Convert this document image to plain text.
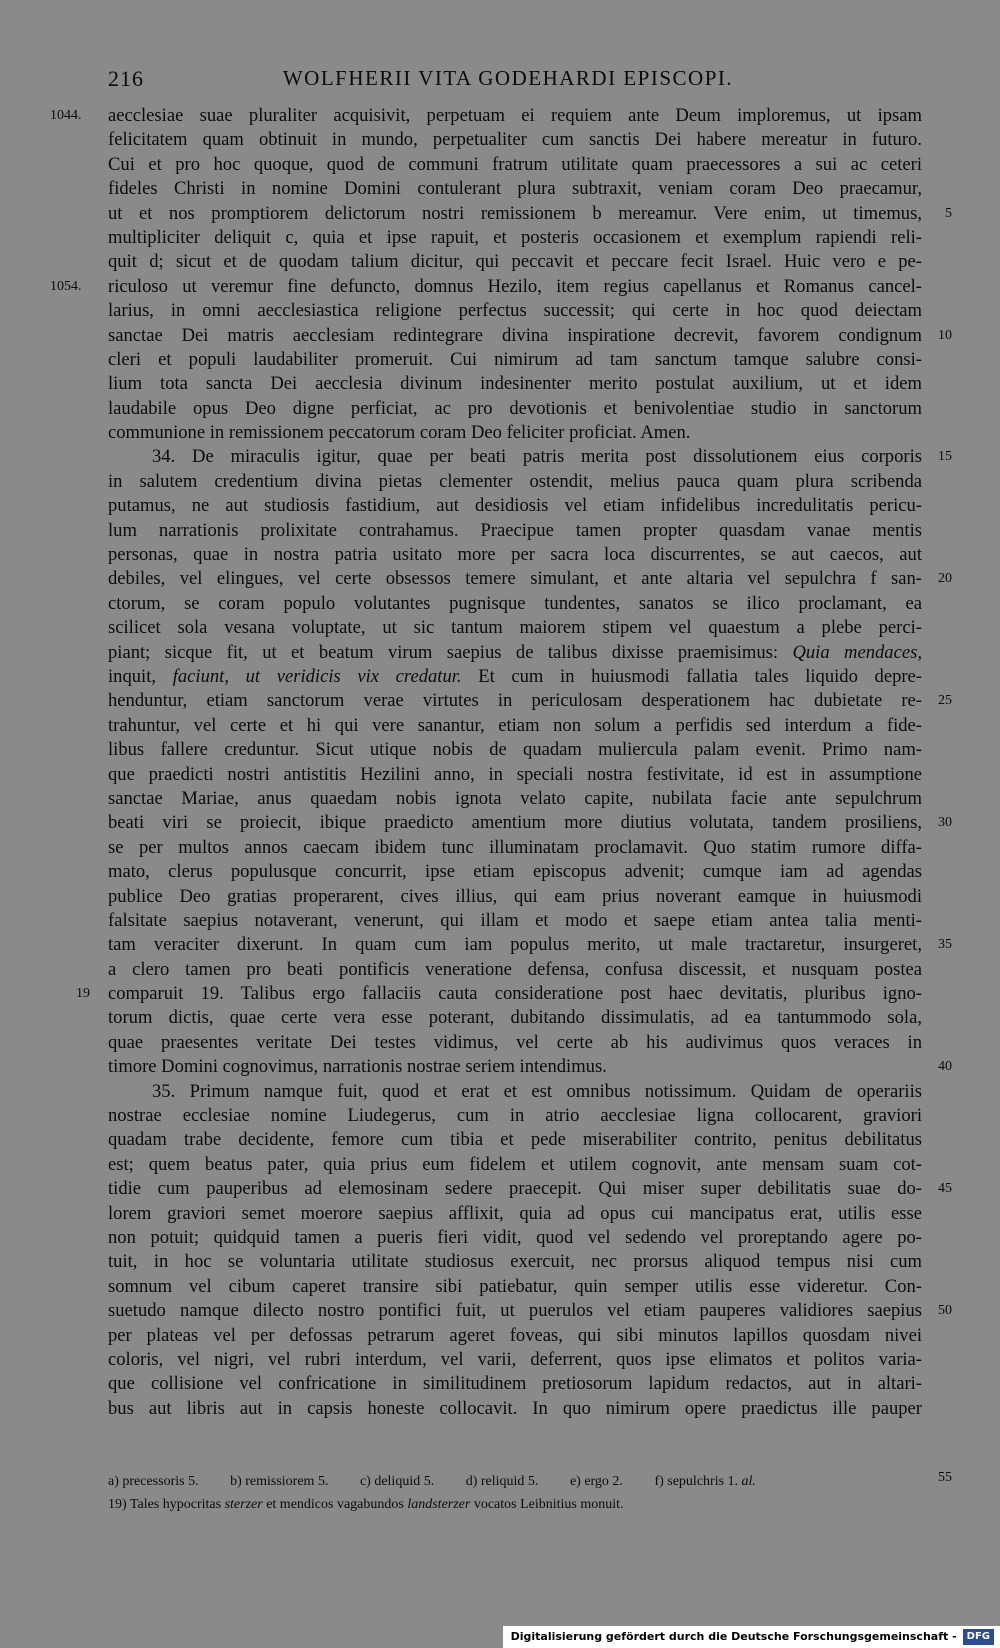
216	WOLFHERII VITA GODEHARDI EPISCOPI.
aecclesiae suae pluraliter acquisivit, perpetuam ei requiem ante Deum imploremus, ut ipsam
1044.
felicitatem quam obtinuit in mundo, perpetualiter cum sanctis Dei habere mereatur in futuro.
Cui et pro hoc quoque, quod de communi fratrum utilitate quam praecessores a sui ac ceteri
fideles Christi in nomine Domini contulerant plura subtraxit, veniam coram Deo praecamur,
ut et nos promptiorem delictorum nostri remissionem b mereamur. Vere enim, ut timemus, 5
multipliciter deliquit c, quia et ipse rapuit, et posteris occasionem et exemplum rapiendi reli-
quit d; sicut et de quodam talium dicitur, qui peccavit et peccare fecit Israel. Huic vero e pe-
riculoso ut veremur fine defuncto, domnus Hezilo, item regius capellanus et Romanus cancel-
1054.
larius, in omni aecclesiastica religione perfectus successit; qui certe in hoc quod deiectam
sanctae Dei matris aecclesiam redintegrare divina inspiratione decrevit, favorem condignum 10
cleri et populi laudabiliter promeruit. Cui nimirum ad tam sanctum tamque salubre consi-
lium tota sancta Dei aecclesia divinum indesinenter merito postulat auxilium, ut et idem
laudabile opus Deo digne perficiat, ac pro devotionis et benivolentiae studio in sanctorum
communione in remissionem peccatorum coram Deo feliciter proficiat. Amen.
34. De miraculis igitur, quae per beati patris merita post dissolutionem eius corporis 15
in salutem credentium divina pietas clementer ostendit, melius pauca quam plura scribenda
putamus, ne aut studiosis fastidium, aut desidiosis vel etiam infidelibus incredulitatis pericu-
lum narrationis prolixitate contrahamus. Praecipue tamen propter quasdam vanae mentis
personas, quae in nostra patria usitato more per sacra loca discurrentes, se aut caecos, aut
debiles, vel elingues, vel certe obsessos temere simulant, et ante altaria vel sepulchra f san- 20
ctorum, se coram populo volutantes pugnisque tundentes, sanatos se ilico proclamant, ea
scilicet sola vesana voluptate, ut sic tantum maiorem stipem vel quaestum a plebe perci-
piant; sicque fit, ut et beatum virum saepius de talibus dixisse praemisimus: Quia mendaces,
inquit, faciunt, ut veridicis vix credatur. Et cum in huiusmodi fallatia tales liquido depre-
henduntur, etiam sanctorum verae virtutes in periculosam desperationem hac dubietate re- 25
trahuntur, vel certe et hi qui vere sanantur, etiam non solum a perfidis sed interdum a fide-
libus fallere creduntur. Sicut utique nobis de quadam muliercula palam evenit. Primo nam-
que praedicti nostri antistitis Hezilini anno, in speciali nostra festivitate, id est in assumptione
sanctae Mariae, anus quaedam nobis ignota velato capite, nubilata facie ante sepulchrum
beati viri se proiecit, ibique praedicto amentium more diutius volutata, tandem prosiliens, 30
se per multos annos caecam ibidem tunc illuminatam proclamavit. Quo statim rumore diffa-
mato, clerus populusque concurrit, ipse etiam episcopus advenit; cumque iam ad agendas
publice Deo gratias properarent, cives illius, qui eam prius noverant eamque in huiusmodi
falsitate saepius notaverant, venerunt, qui illam et modo et saepe etiam antea talia menti-
tam veraciter dixerunt. In quam cum iam populus merito, ut male tractaretur, insurgeret, 35
a clero tamen pro beati pontificis veneratione defensa, confusa discessit, et nusquam postea
comparuit 19. Talibus ergo fallaciis cauta consideratione post haec devitatis, pluribus igno-
19
torum dictis, quae certe vera esse poterant, dubitando dissimulatis, ad ea tantummodo sola,
quae praesentes veritate Dei testes vidimus, vel certe ab his audivimus quos veraces in
timore Domini cognovimus, narrationis nostrae seriem intendimus.	40
35. Primum namque fuit, quod et erat et est omnibus notissimum. Quidam de operariis
nostrae ecclesiae nomine Liudegerus, cum in atrio aecclesiae ligna collocarent, graviori
quadam trabe decidente, femore cum tibia et pede miserabiliter contrito, penitus debilitatus
est; quem beatus pater, quia prius eum fidelem et utilem cognovit, ante mensam suam cot-
tidie cum pauperibus ad elemosinam sedere praecepit. Qui miser super debilitatis suae do- 45
lorem graviori semet moerore saepius afflixit, quia ad opus cui mancipatus erat, utilis esse
non potuit; quidquid tamen a pueris fieri vidit, quod vel sedendo vel proreptando agere po-
tuit, in hoc se voluntaria utilitate studiosus exercuit, nec prorsus aliquod tempus nisi cum
somnum vel cibum caperet transire sibi patiebatur, quin semper utilis esse videretur. Con-
suetudo namque dilecto nostro pontifici fuit, ut puerulos vel etiam pauperes validiores saepius 50
per plateas vel per defossas petrarum ageret foveas, qui sibi minutos lapillos quosdam nivei
coloris, vel nigri, vel rubri interdum, vel varii, deferrent, quos ipse elimatos et politos varia-
que collisione vel confricatione in similitudinem pretiosorum lapidum redactos, aut in altari-
bus aut libris aut in capsis honeste collocavit. In quo nimirum opere praedictus ille pauper
a) precessoris 5. b) remissiorem 5. c) deliquid 5. d) reliquid 5. e) ergo 2. f) sepulchris 1. al.	55
19) Tales hypocritas sterzer et mendicos vagabundos landsterzer vocatos Leibnitius monuit.
Digitalisierung gefördert durch die Deutsche Forschungsgemeinschaft -	DFG
